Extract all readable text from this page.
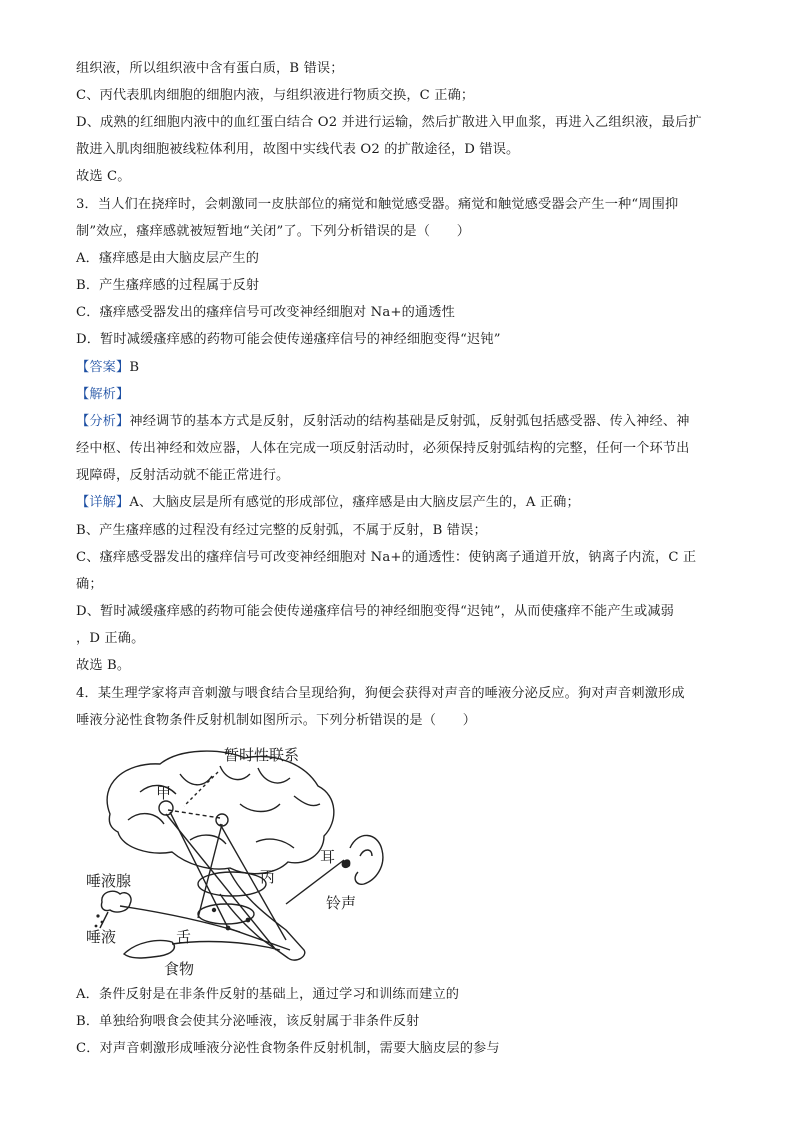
组织液，所以组织液中含有蛋白质，B 错误；
C、丙代表肌肉细胞的细胞内液，与组织液进行物质交换，C 正确；
D、成熟的红细胞内液中的血红蛋白结合 O2 并进行运输，然后扩散进入甲血浆，再进入乙组织液，最后扩
散进入肌肉细胞被线粒体利用，故图中实线代表 O2 的扩散途径，D 错误。
故选 C。
3．当人们在挠痒时，会刺激同一皮肤部位的痛觉和触觉感受器。痛觉和触觉感受器会产生一种“周围抑
制”效应，瘙痒感就被短暂地“关闭”了。下列分析错误的是（　　）
A．瘙痒感是由大脑皮层产生的
B．产生瘙痒感的过程属于反射
C．瘙痒感受器发出的瘙痒信号可改变神经细胞对 Na+的通透性
D．暂时减缓瘙痒感的药物可能会使传递瘙痒信号的神经细胞变得“迟钝”
【答案】B
【解析】
【分析】神经调节的基本方式是反射，反射活动的结构基础是反射弧，反射弧包括感受器、传入神经、神
经中枢、传出神经和效应器，人体在完成一项反射活动时，必须保持反射弧结构的完整，任何一个环节出
现障碍，反射活动就不能正常进行。
【详解】A、大脑皮层是所有感觉的形成部位，瘙痒感是由大脑皮层产生的，A 正确；
B、产生瘙痒感的过程没有经过完整的反射弧，不属于反射，B 错误；
C、瘙痒感受器发出的瘙痒信号可改变神经细胞对 Na+的通透性：使钠离子通道开放，钠离子内流，C 正
确；
D、暂时减缓瘙痒感的药物可能会使传递瘙痒信号的神经细胞变得“迟钝”，从而使瘙痒不能产生或减弱
，D 正确。
故选 B。
4．某生理学家将声音刺激与喂食结合呈现给狗，狗便会获得对声音的唾液分泌反应。狗对声音刺激形成
唾液分泌性食物条件反射机制如图所示。下列分析错误的是（　　）
A．条件反射是在非条件反射的基础上，通过学习和训练而建立的
B．单独给狗喂食会使其分泌唾液，该反射属于非条件反射
C．对声音刺激形成唾液分泌性食物条件反射机制，需要大脑皮层的参与
暂时性联系
甲
耳
丙
唾液腺
铃声
舌
唾液
食物
